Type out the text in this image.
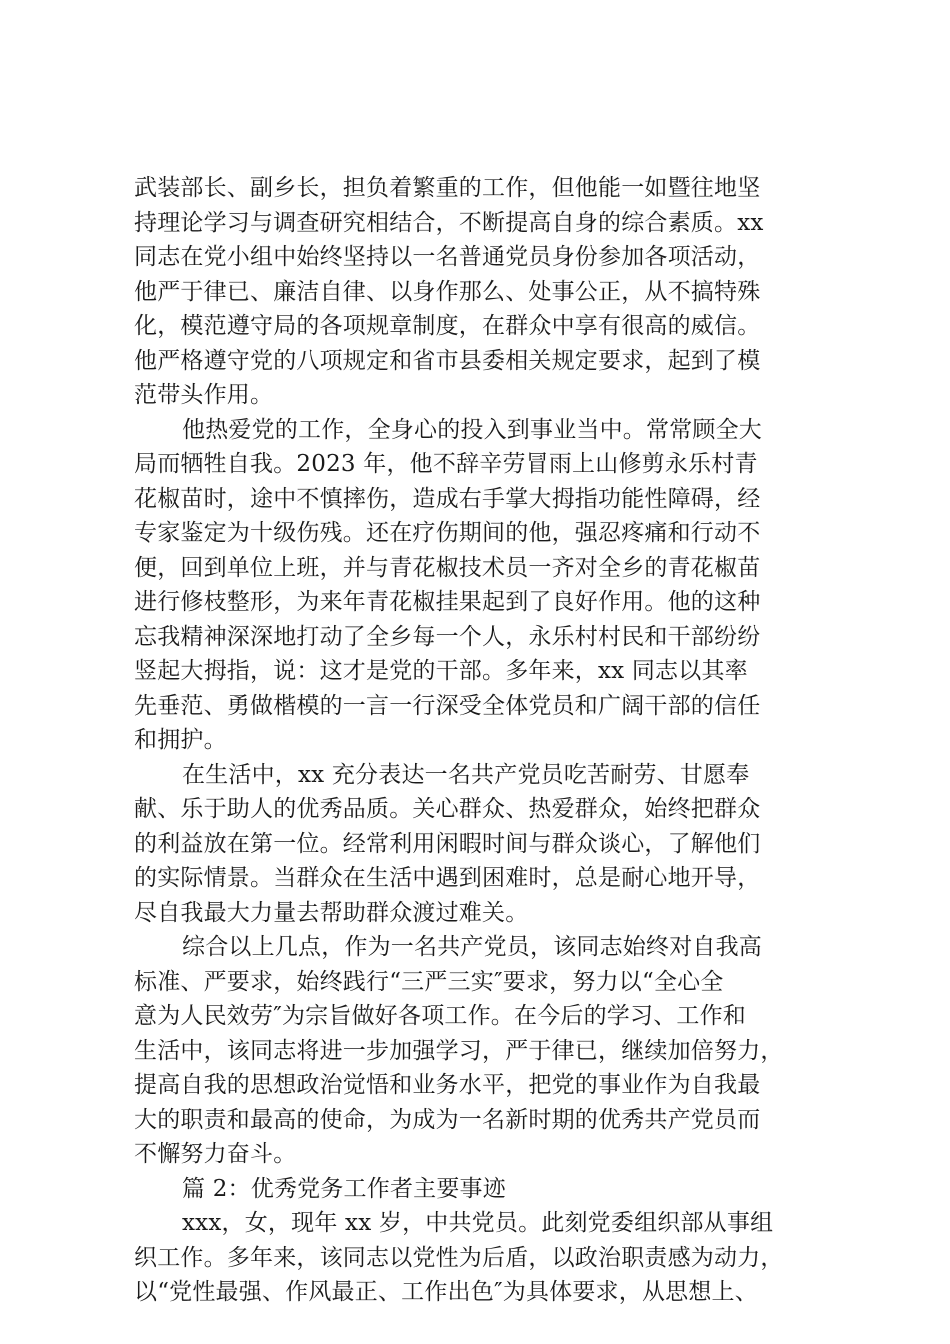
武装部长、副乡长，担负着繁重的工作，但他能一如暨往地坚
持理论学习与调查研究相结合，不断提高自身的综合素质。xx
同志在党小组中始终坚持以一名普通党员身份参加各项活动，
他严于律已、廉洁自律、以身作那么、处事公正，从不搞特殊
化，模范遵守局的各项规章制度，在群众中享有很高的威信。
他严格遵守党的八项规定和省市县委相关规定要求，起到了模
范带头作用。
他热爱党的工作，全身心的投入到事业当中。常常顾全大
局而牺牲自我。2023 年，他不辞辛劳冒雨上山修剪永乐村青
花椒苗时，途中不慎摔伤，造成右手掌大拇指功能性障碍，经
专家鉴定为十级伤残。还在疗伤期间的他，强忍疼痛和行动不
便，回到单位上班，并与青花椒技术员一齐对全乡的青花椒苗
进行修枝整形，为来年青花椒挂果起到了良好作用。他的这种
忘我精神深深地打动了全乡每一个人，永乐村村民和干部纷纷
竖起大拇指，说：这才是党的干部。多年来，xx 同志以其率
先垂范、勇做楷模的一言一行深受全体党员和广阔干部的信任
和拥护。
在生活中，xx 充分表达一名共产党员吃苦耐劳、甘愿奉
献、乐于助人的优秀品质。关心群众、热爱群众，始终把群众
的利益放在第一位。经常利用闲暇时间与群众谈心，了解他们
的实际情景。当群众在生活中遇到困难时，总是耐心地开导，
尽自我最大力量去帮助群众渡过难关。
综合以上几点，作为一名共产党员，该同志始终对自我高
标准、严要求，始终践行“三严三实″要求，努力以“全心全
意为人民效劳″为宗旨做好各项工作。在今后的学习、工作和
生活中，该同志将进一步加强学习，严于律已，继续加倍努力，
提高自我的思想政治觉悟和业务水平，把党的事业作为自我最
大的职责和最高的使命，为成为一名新时期的优秀共产党员而
不懈努力奋斗。
篇 2：优秀党务工作者主要事迹
xxx，女，现年 xx 岁，中共党员。此刻党委组织部从事组
织工作。多年来，该同志以党性为后盾，以政治职责感为动力，
以“党性最强、作风最正、工作出色″为具体要求，从思想上、
